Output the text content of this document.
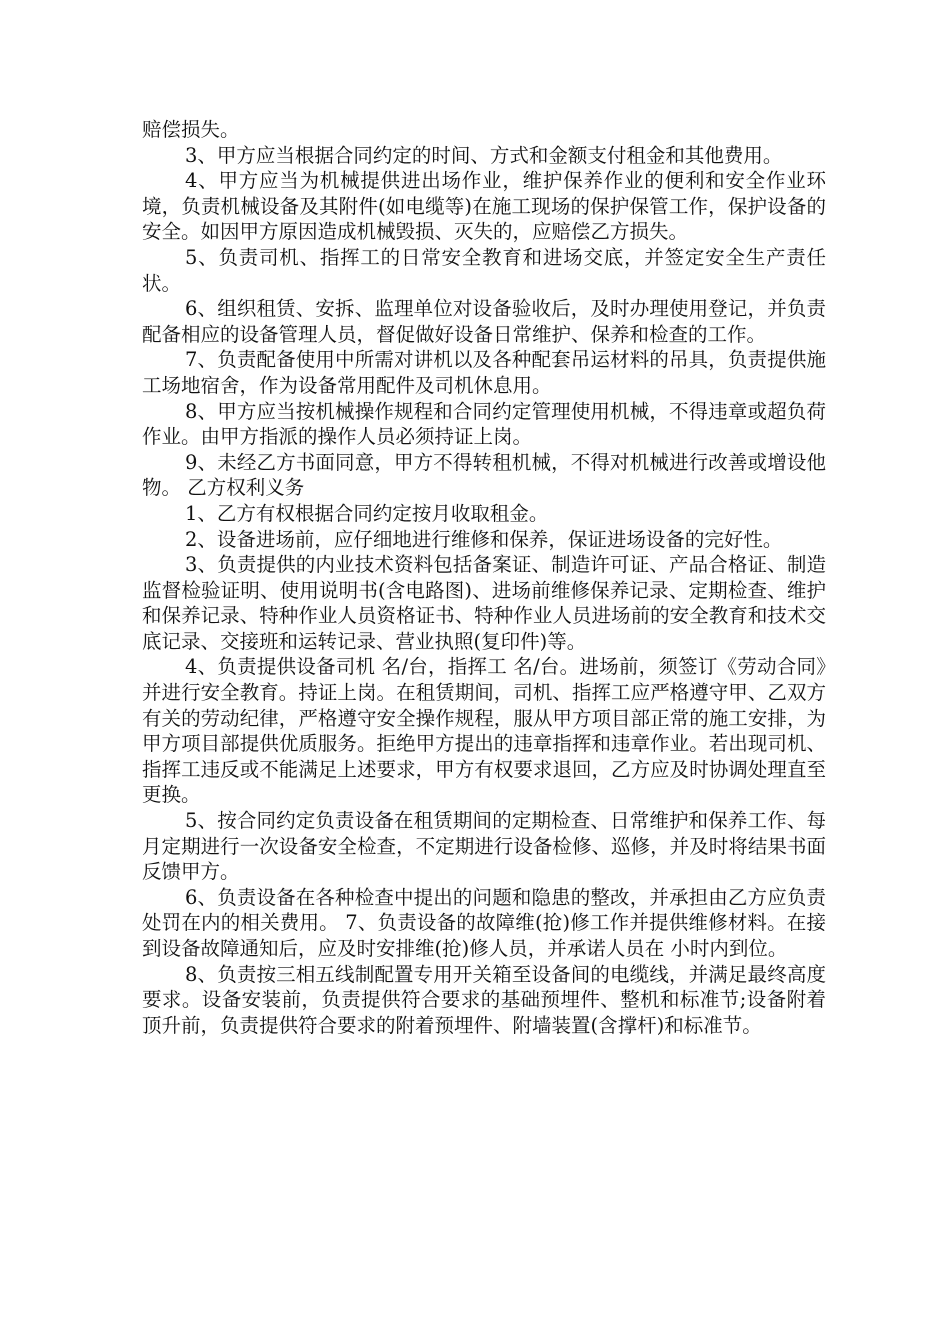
赔偿损失。

3、甲方应当根据合同约定的时间、方式和金额支付租金和其他费用。

4、甲方应当为机械提供进出场作业，维护保养作业的便利和安全作业环境，负责机械设备及其附件(如电缆等)在施工现场的保护保管工作，保护设备的安全。如因甲方原因造成机械毁损、灭失的，应赔偿乙方损失。

5、负责司机、指挥工的日常安全教育和进场交底，并签定安全生产责任状。

6、组织租赁、安拆、监理单位对设备验收后，及时办理使用登记，并负责配备相应的设备管理人员，督促做好设备日常维护、保养和检查的工作。

7、负责配备使用中所需对讲机以及各种配套吊运材料的吊具，负责提供施工场地宿舍，作为设备常用配件及司机休息用。

8、甲方应当按机械操作规程和合同约定管理使用机械，不得违章或超负荷作业。由甲方指派的操作人员必须持证上岗。

9、未经乙方书面同意，甲方不得转租机械，不得对机械进行改善或增设他物。 乙方权利义务

1、乙方有权根据合同约定按月收取租金。

2、设备进场前，应仔细地进行维修和保养，保证进场设备的完好性。

3、负责提供的内业技术资料包括备案证、制造许可证、产品合格证、制造监督检验证明、使用说明书(含电路图)、进场前维修保养记录、定期检查、维护和保养记录、特种作业人员资格证书、特种作业人员进场前的安全教育和技术交底记录、交接班和运转记录、营业执照(复印件)等。

4、负责提供设备司机 名/台，指挥工 名/台。进场前，须签订《劳动合同》并进行安全教育。持证上岗。在租赁期间，司机、指挥工应严格遵守甲、乙双方有关的劳动纪律，严格遵守安全操作规程，服从甲方项目部正常的施工安排，为甲方项目部提供优质服务。拒绝甲方提出的违章指挥和违章作业。若出现司机、指挥工违反或不能满足上述要求，甲方有权要求退回，乙方应及时协调处理直至更换。

5、按合同约定负责设备在租赁期间的定期检查、日常维护和保养工作、每月定期进行一次设备安全检查，不定期进行设备检修、巡修，并及时将结果书面反馈甲方。

6、负责设备在各种检查中提出的问题和隐患的整改，并承担由乙方应负责处罚在内的相关费用。 7、负责设备的故障维(抢)修工作并提供维修材料。在接到设备故障通知后，应及时安排维(抢)修人员，并承诺人员在 小时内到位。

8、负责按三相五线制配置专用开关箱至设备间的电缆线，并满足最终高度要求。设备安装前，负责提供符合要求的基础预埋件、整机和标准节;设备附着顶升前，负责提供符合要求的附着预埋件、附墙装置(含撑杆)和标准节。
